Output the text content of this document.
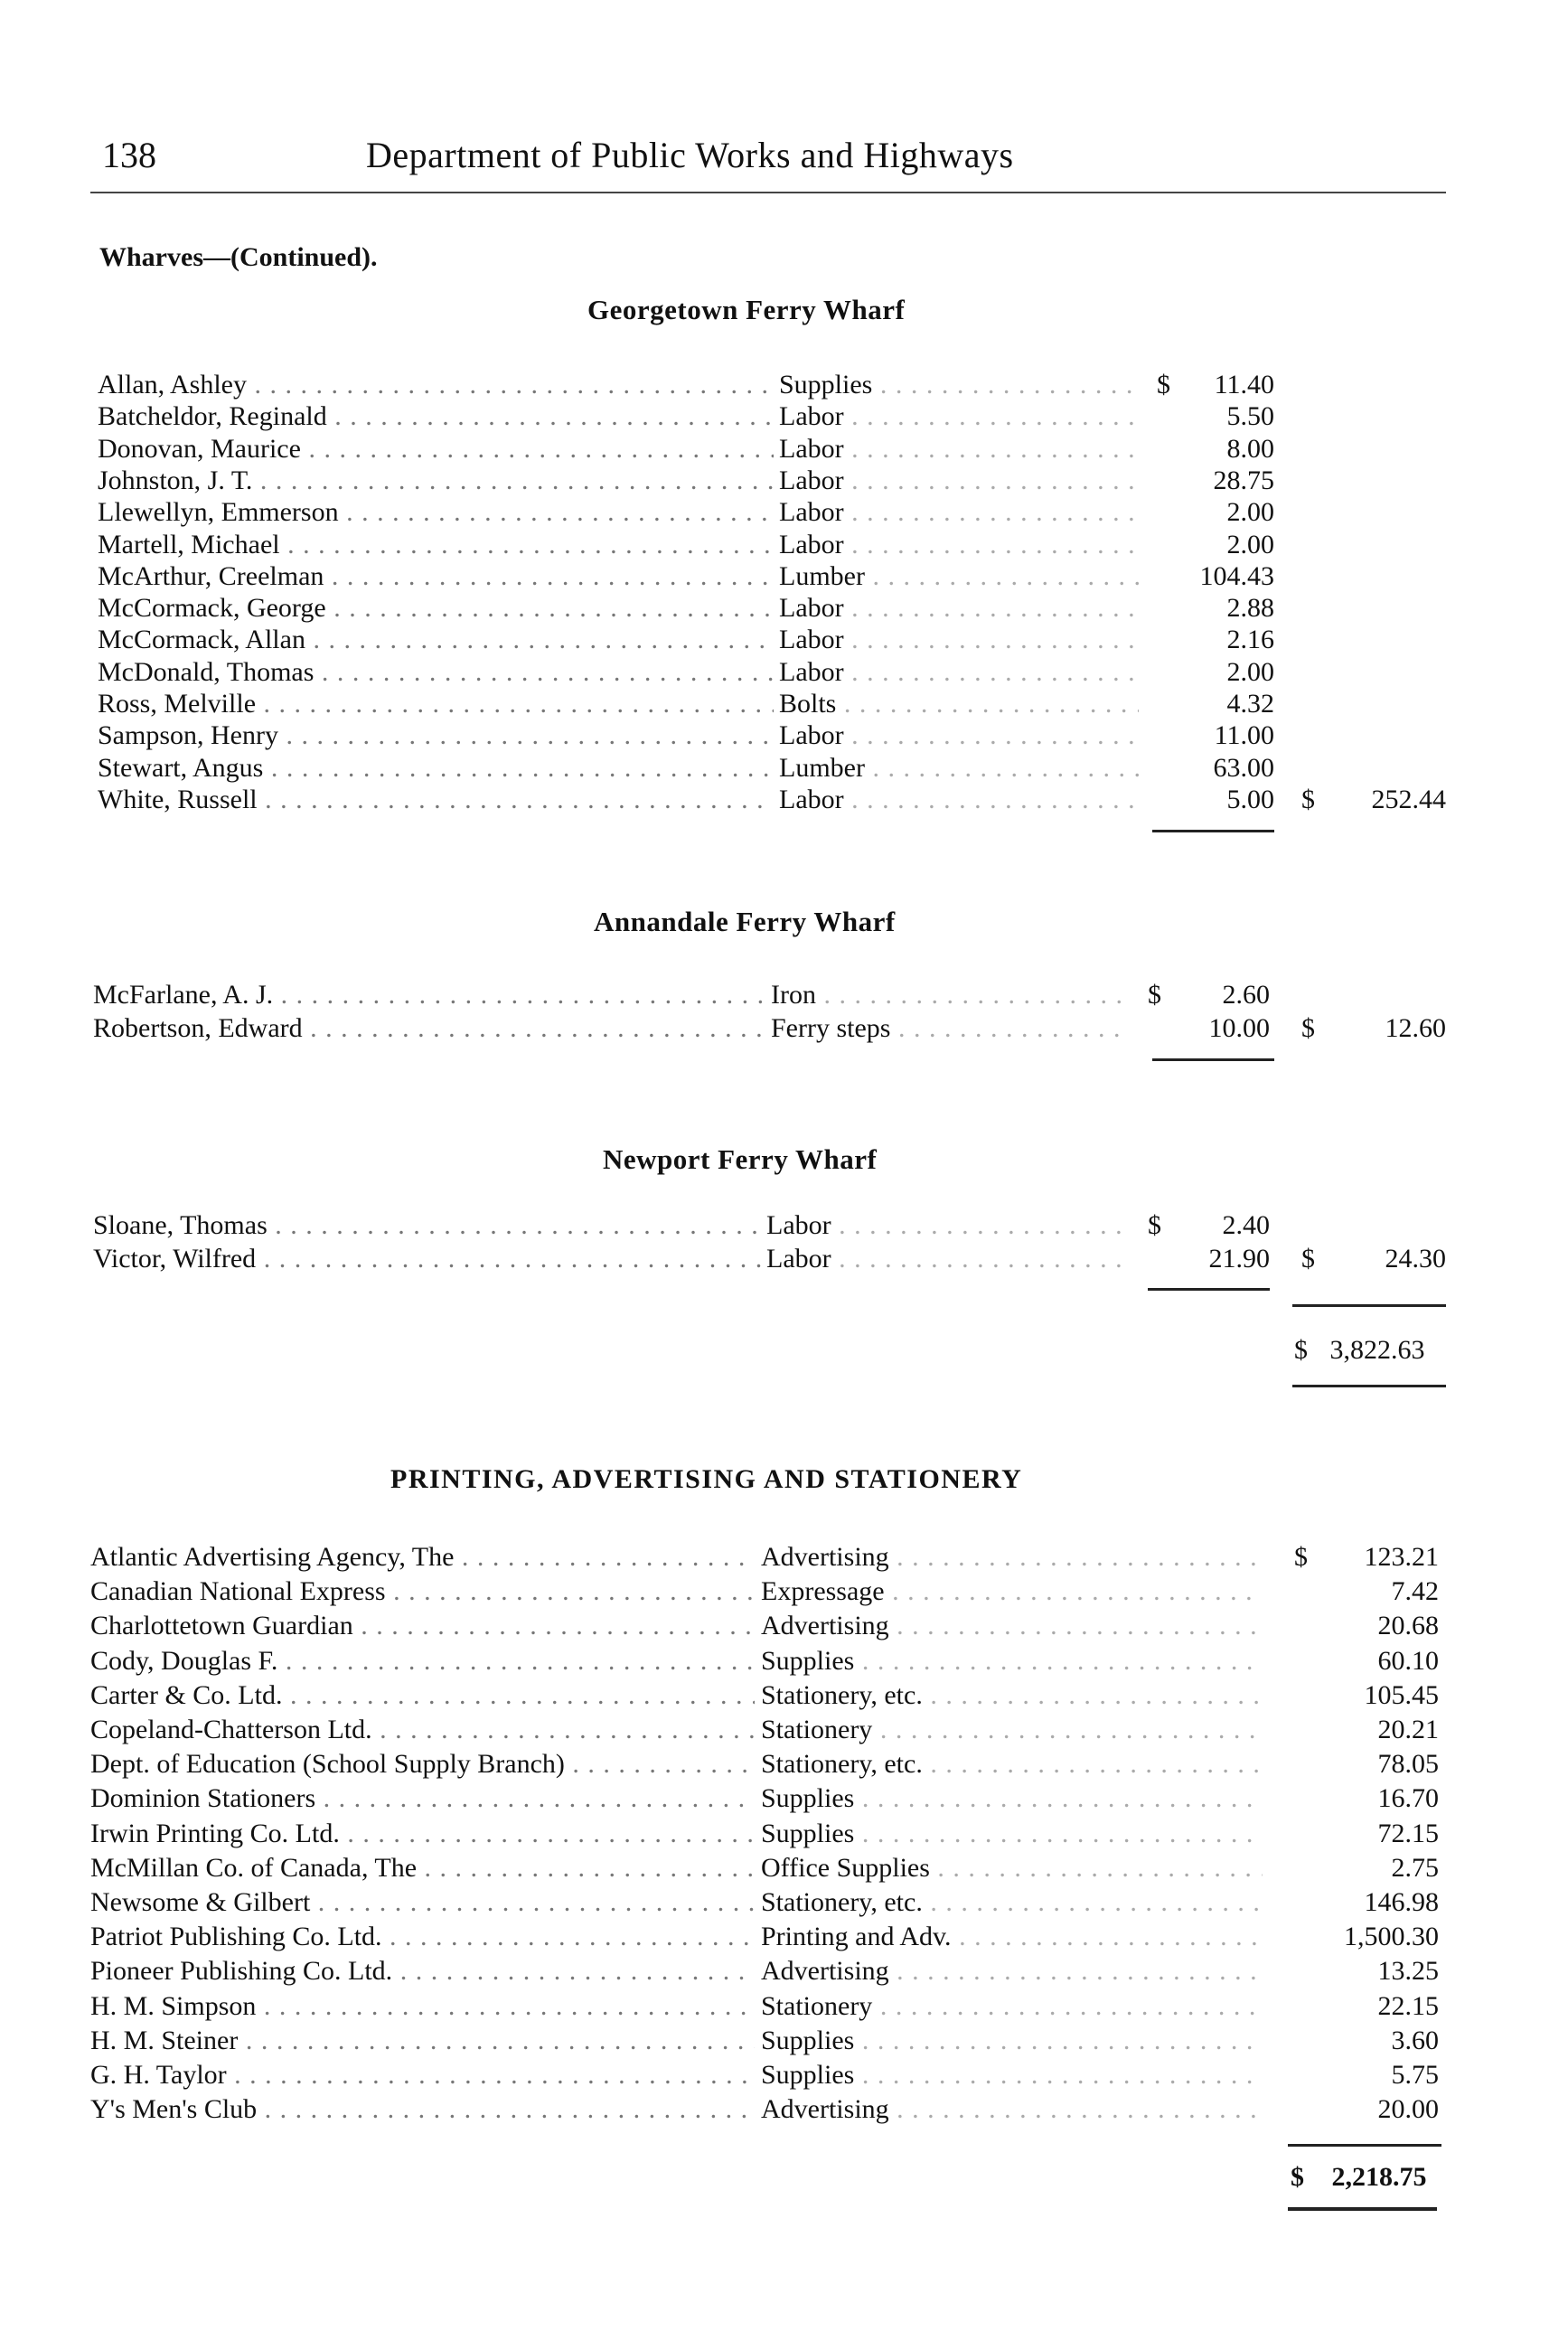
138	Department of Public Works and Highways
Wharves—(Continued).
Georgetown Ferry Wharf
Allan, Ashley . . .	Supplies . . .	$	11.40
Batcheldor, Reginald . . .	Labor . . .	5.50
Donovan, Maurice . . .	Labor . . .	8.00
Johnston, J. T. . . .	Labor . . .	28.75
Llewellyn, Emmerson . . .	Labor . . .	2.00
Martell, Michael . . .	Labor . . .	2.00
McArthur, Creelman . . .	Lumber . . .	104.43
McCormack, George . . .	Labor . . .	2.88
McCormack, Allan . . .	Labor . . .	2.16
McDonald, Thomas . . .	Labor . . .	2.00
Ross, Melville . . .	Bolts . . .	4.32
Sampson, Henry . . .	Labor . . .	11.00
Stewart, Angus . . .	Lumber . . .	63.00
White, Russell . . .	Labor . . .	5.00 $	252.44
Annandale Ferry Wharf
McFarlane, A. J. . . .	Iron . . .	$	2.60
Robertson, Edward . . .	Ferry steps . . .	10.00 $	12.60
Newport Ferry Wharf
Sloane, Thomas . . .	Labor . . .	$	2.40
Victor, Wilfred . . .	Labor . . .	21.90 $	24.30
$ 3,822.63
PRINTING, ADVERTISING AND STATIONERY
Atlantic Advertising Agency, The . . .	Advertising . . .	$	123.21
Canadian National Express . . .	Expressage . . .	7.42
Charlottetown Guardian . . .	Advertising . . .	20.68
Cody, Douglas F. . . .	Supplies . . .	60.10
Carter & Co. Ltd. . . .	Stationery, etc. . . .	105.45
Copeland-Chatterson Ltd. . . .	Stationery . . .	20.21
Dept. of Education (School Supply Branch) . . .	Stationery, etc. . . .	78.05
Dominion Stationers . . .	Supplies . . .	16.70
Irwin Printing Co. Ltd. . . .	Supplies . . .	72.15
McMillan Co. of Canada, The . . .	Office Supplies . . .	2.75
Newsome & Gilbert . . .	Stationery, etc. . . .	146.98
Patriot Publishing Co. Ltd. . . .	Printing and Adv. . . .	1,500.30
Pioneer Publishing Co. Ltd. . . .	Advertising . . .	13.25
H. M. Simpson . . .	Stationery . . .	22.15
H. M. Steiner . . .	Supplies . . .	3.60
G. H. Taylor . . .	Supplies . . .	5.75
Y's Men's Club . . .	Advertising . . .	20.00
$ 2,218.75
